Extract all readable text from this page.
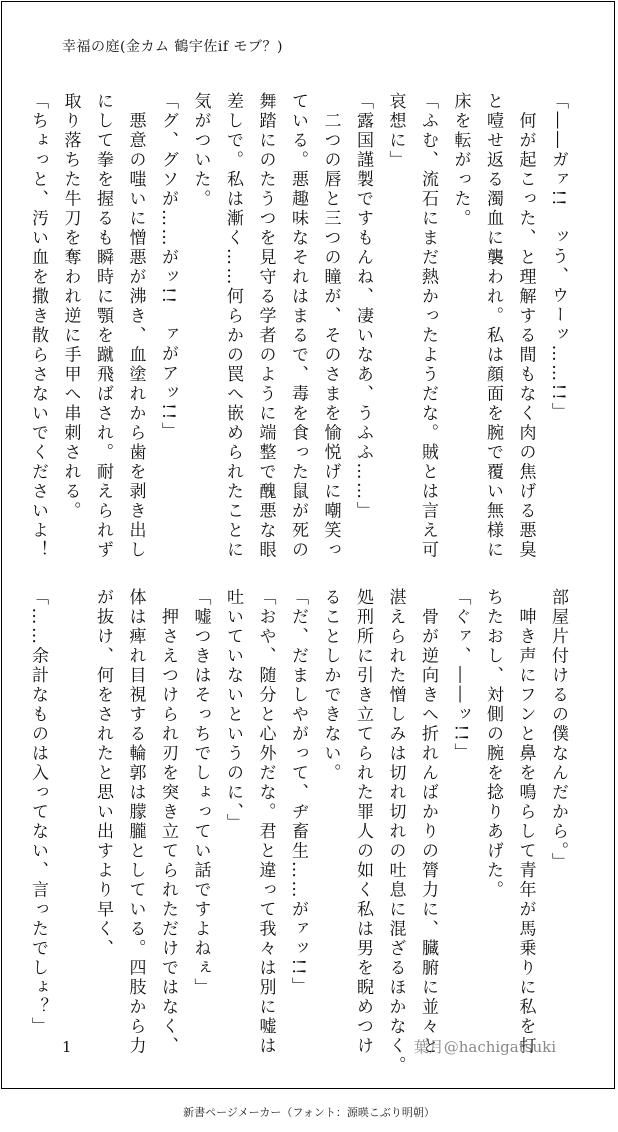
幸福の庭(金カム 鶴宇佐if モブ？)
「――ガァ!!　ッう、ウーッ……!!」
　何が起こった、と理解する間もなく肉の焦げる悪臭
と噎せ返る濁血に襲われ。私は顔面を腕で覆い無様に
床を転がった。
「ふむ、流石にまだ熱かったようだな。賊とは言え可
哀想に」
「露国謹製ですもんね、凄いなあ、うふふ……」
　二つの唇と三つの瞳が、そのさまを愉悦げに嘲笑っ
ている。悪趣味なそれはまるで、毒を食った鼠が死の
舞踏にのたうつを見守る学者のように端整で醜悪な眼
差しで。私は漸く……何らかの罠へ嵌められたことに
気がついた。
「グ、グソが……がッ!!　ァがアッ!!」
　悪意の嗤いに憎悪が沸き、血塗れから歯を剥き出し
にして拳を握るも瞬時に顎を蹴飛ばされ。耐えられず
取り落ちた牛刀を奪われ逆に手甲へ串刺される。
「ちょっと、汚い血を撒き散らさないでくださいよ！
部屋片付けるの僕なんだから。」
　呻き声にフンと鼻を鳴らして青年が馬乗りに私を打
ちたおし、対側の腕を捻りあげた。
「ぐァ、――ッ!!」
　骨が逆向きへ折れんばかりの膂力に、臓腑に並々と
湛えられた憎しみは切れ切れの吐息に混ざるほかなく。
処刑所に引き立てられた罪人の如く私は男を睨めつけ
ることしかできない。
「だ、だましやがって、ヂ畜生……がァッ!!」
「おや、随分と心外だな。君と違って我々は別に嘘は
吐いていないというのに、」
「嘘つきはそっちでしょってい話ですよねぇ」
　押さえつけられ刃を突き立てられただけではなく、
体は痺れ目視する輪郭は朦朧としている。四肢から力
が抜け、何をされたと思い出すより早く、

「……余計なものは入ってない、言ったでしょ？」
1	葉月@hachigatsuki
新書ページメーカー（フォント：源暎こぶり明朝）
